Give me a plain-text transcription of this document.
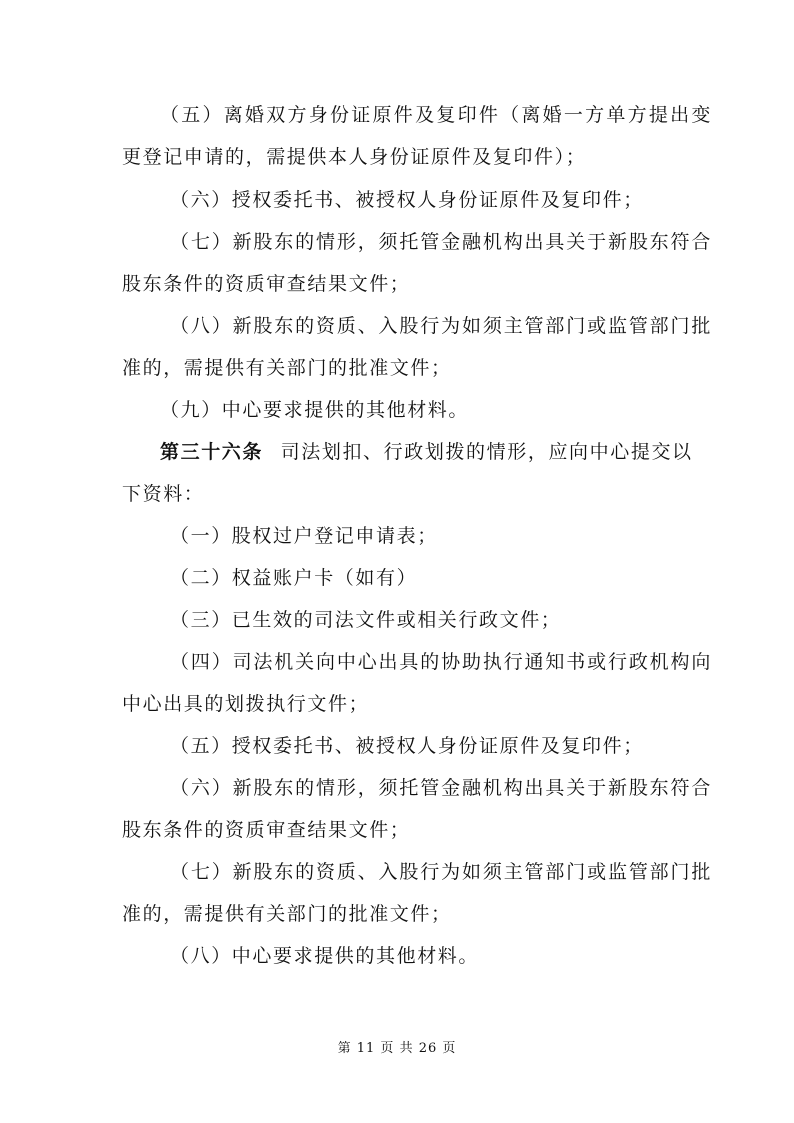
（五）离婚双方身份证原件及复印件（离婚一方单方提出变
更登记申请的，需提供本人身份证原件及复印件）；
（六）授权委托书、被授权人身份证原件及复印件；
（七）新股东的情形，须托管金融机构出具关于新股东符合
股东条件的资质审查结果文件；
（八）新股东的资质、入股行为如须主管部门或监管部门批
准的，需提供有关部门的批准文件；
（九）中心要求提供的其他材料。
第三十六条 司法划扣、行政划拨的情形，应向中心提交以
下资料：
（一）股权过户登记申请表；
（二）权益账户卡（如有）
（三）已生效的司法文件或相关行政文件；
（四）司法机关向中心出具的协助执行通知书或行政机构向
中心出具的划拨执行文件；
（五）授权委托书、被授权人身份证原件及复印件；
（六）新股东的情形，须托管金融机构出具关于新股东符合
股东条件的资质审查结果文件；
（七）新股东的资质、入股行为如须主管部门或监管部门批
准的，需提供有关部门的批准文件；
（八）中心要求提供的其他材料。
第 11 页 共 26 页
